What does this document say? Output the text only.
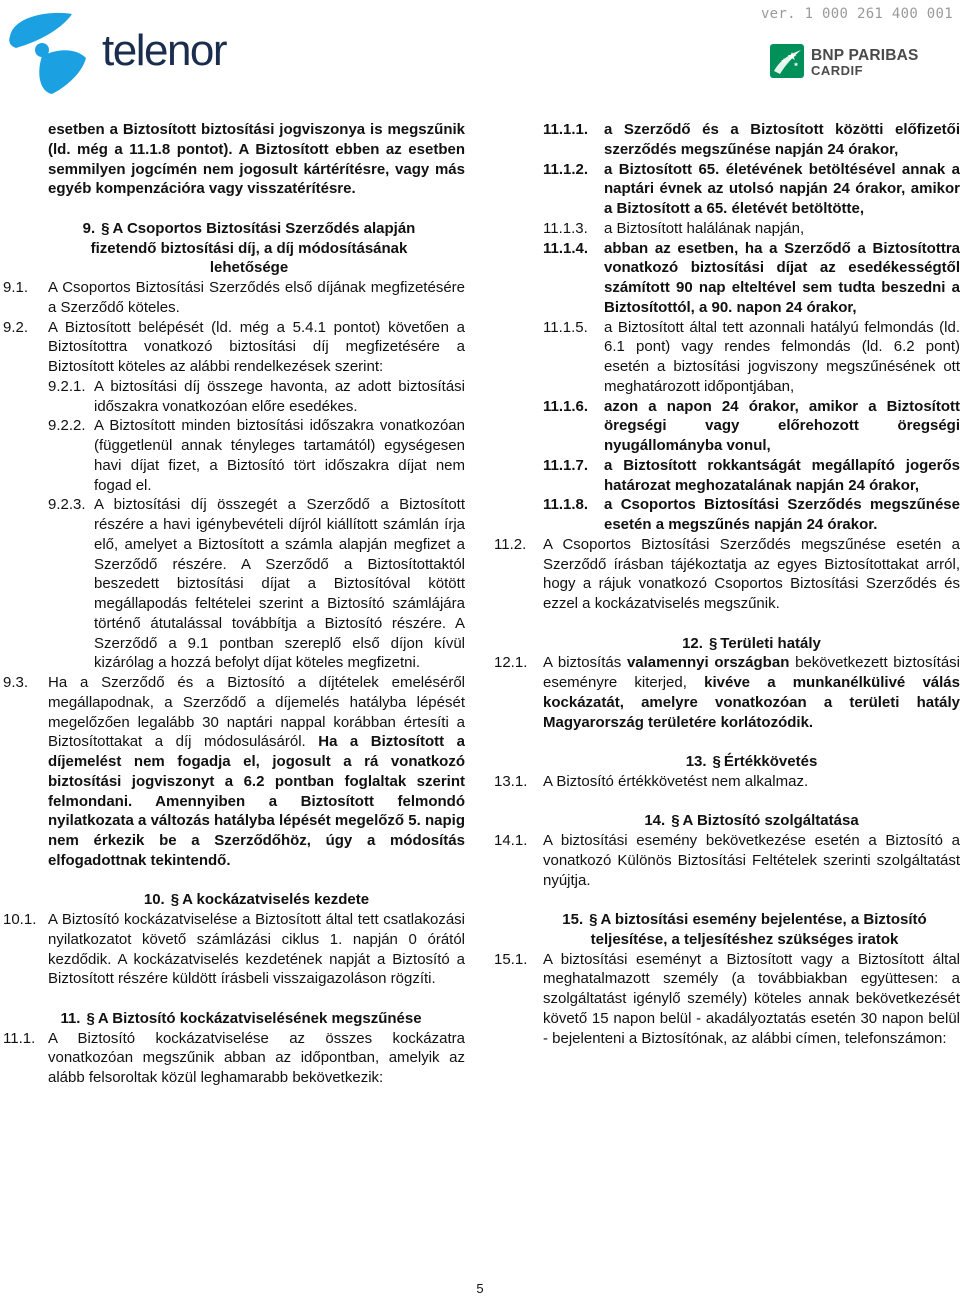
ver. 1 000 261 400 001
telenor	BNP PARIBAS
CARDIF
esetben a Biztosított biztosítási jogviszonya is megszűnik (ld. még a 11.1.8 pontot). A Biztosított ebben az esetben semmilyen jogcímén nem jogosult kártérítésre, vagy más egyéb kompenzációra vagy visszatérítésre.
9. § A Csoportos Biztosítási Szerződés alapján fizetendő biztosítási díj, a díj módosításának lehetősége
9.1. A Csoportos Biztosítási Szerződés első díjának megfizetésére a Szerződő köteles.
9.2. A Biztosított belépését (ld. még a 5.4.1 pontot) követően a Biztosítottra vonatkozó biztosítási díj megfizetésére a Biztosított köteles az alábbi rendelkezések szerint:
9.2.1. A biztosítási díj összege havonta, az adott biztosítási időszakra vonatkozóan előre esedékes.
9.2.2. A Biztosított minden biztosítási időszakra vonatkozóan (függetlenül annak tényleges tartamától) egységesen havi díjat fizet, a Biztosító tört időszakra díjat nem fogad el.
9.2.3. A biztosítási díj összegét a Szerződő a Biztosított részére a havi igénybevételi díjról kiállított számlán írja elő, amelyet a Biztosított a számla alapján megfizet a Szerződő részére. A Szerződő a Biztosítottaktól beszedett biztosítási díjat a Biztosítóval kötött megállapodás feltételei szerint a Biztosító számlájára történő átutalással továbbítja a Biztosító részére. A Szerződő a 9.1 pontban szereplő első díjon kívül kizárólag a hozzá befolyt díjat köteles megfizetni.
9.3. Ha a Szerződő és a Biztosító a díjtételek emeléséről megállapodnak, a Szerződő a díjemelés hatályba lépését megelőzően legalább 30 naptári nappal korábban értesíti a Biztosítottakat a díj módosulásáról. Ha a Biztosított a díjemelést nem fogadja el, jogosult a rá vonatkozó biztosítási jogviszonyt a 6.2 pontban foglaltak szerint felmondani. Amennyiben a Biztosított felmondó nyilatkozata a változás hatályba lépését megelőző 5. napig nem érkezik be a Szerződőhöz, úgy a módosítás elfogadottnak tekintendő.
10. § A kockázatviselés kezdete
10.1. A Biztosító kockázatviselése a Biztosított által tett csatlakozási nyilatkozatot követő számlázási ciklus 1. napján 0 órától kezdődik. A kockázatviselés kezdetének napját a Biztosító a Biztosított részére küldött írásbeli visszaigazoláson rögzíti.
11. § A Biztosító kockázatviselésének megszűnése
11.1. A Biztosító kockázatviselése az összes kockázatra vonatkozóan megszűnik abban az időpontban, amelyik az alább felsoroltak közül leghamarabb bekövetkezik:
11.1.1. a Szerződő és a Biztosított közötti előfizetői szerződés megszűnése napján 24 órakor,
11.1.2. a Biztosított 65. életévének betöltésével annak a naptári évnek az utolsó napján 24 órakor, amikor a Biztosított a 65. életévét betöltötte,
11.1.3. a Biztosított halálának napján,
11.1.4. abban az esetben, ha a Szerződő a Biztosítottra vonatkozó biztosítási díjat az esedékességtől számított 90 nap elteltével sem tudta beszedni a Biztosítottól, a 90. napon 24 órakor,
11.1.5. a Biztosított által tett azonnali hatályú felmondás (ld. 6.1 pont) vagy rendes felmondás (ld. 6.2 pont) esetén a biztosítási jogviszony megszűnésének ott meghatározott időpontjában,
11.1.6. azon a napon 24 órakor, amikor a Biztosított öregségi vagy előrehozott öregségi nyugállományba vonul,
11.1.7. a Biztosított rokkantságát megállapító jogerős határozat meghozatalának napján 24 órakor,
11.1.8. a Csoportos Biztosítási Szerződés megszűnése esetén a megszűnés napján 24 órakor.
11.2. A Csoportos Biztosítási Szerződés megszűnése esetén a Szerződő írásban tájékoztatja az egyes Biztosítottakat arról, hogy a rájuk vonatkozó Csoportos Biztosítási Szerződés és ezzel a kockázatviselés megszűnik.
12. § Területi hatály
12.1. A biztosítás valamennyi országban bekövetkezett biztosítási eseményre kiterjed, kivéve a munkanélkülivé válás kockázatát, amelyre vonatkozóan a területi hatály Magyarország területére korlátozódik.
13. § Értékkövetés
13.1. A Biztosító értékkövetést nem alkalmaz.
14. § A Biztosító szolgáltatása
14.1. A biztosítási esemény bekövetkezése esetén a Biztosító a vonatkozó Különös Biztosítási Feltételek szerinti szolgáltatást nyújtja.
15. § A biztosítási esemény bejelentése, a Biztosító teljesítése, a teljesítéshez szükséges iratok
15.1. A biztosítási eseményt a Biztosított vagy a Biztosított által meghatalmazott személy (a továbbiakban együttesen: a szolgáltatást igénylő személy) köteles annak bekövetkezését követő 15 napon belül - akadályoztatás esetén 30 napon belül - bejelenteni a Biztosítónak, az alábbi címen, telefonszámon:
5
